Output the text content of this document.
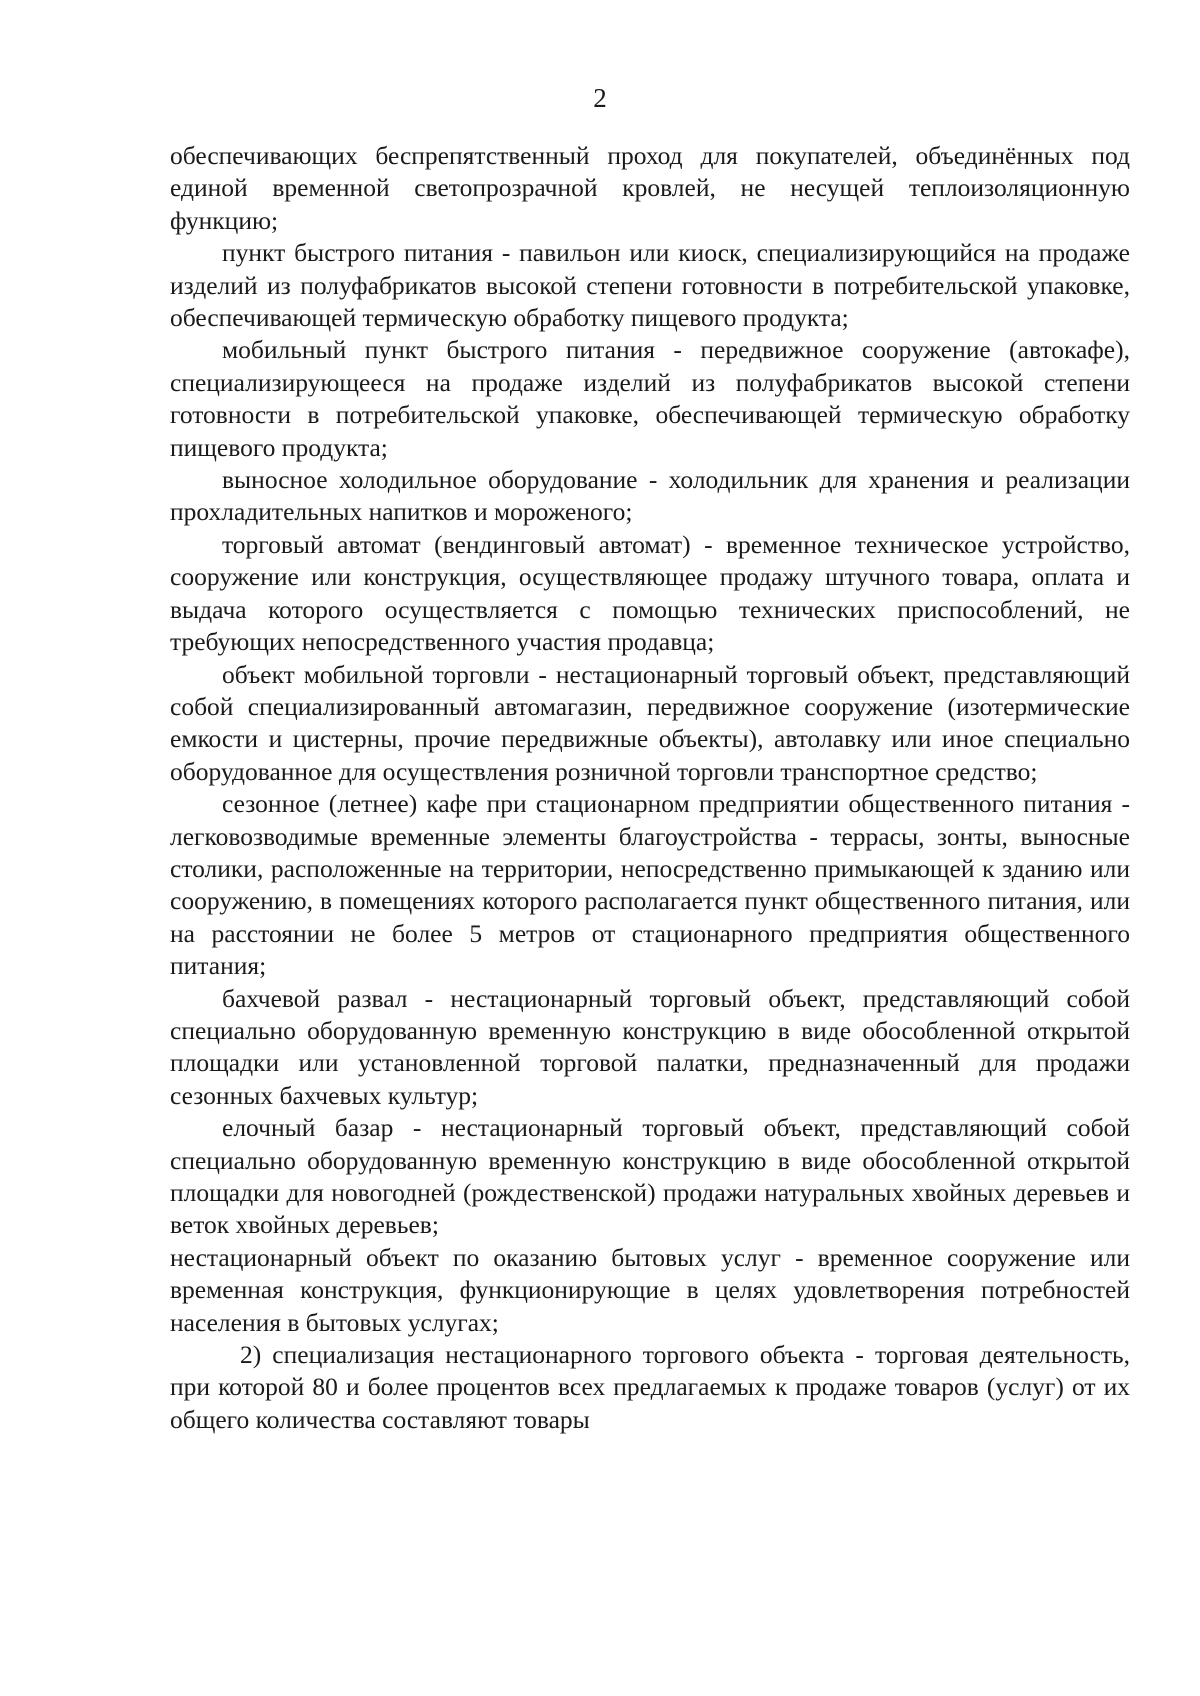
2

обеспечивающих беспрепятственный проход для покупателей, объединённых под единой временной светопрозрачной кровлей, не несущей теплоизоляционную функцию;

пункт быстрого питания - павильон или киоск, специализирующийся на продаже изделий из полуфабрикатов высокой степени готовности в потребительской упаковке, обеспечивающей термическую обработку пищевого продукта;

мобильный пункт быстрого питания - передвижное сооружение (автокафе), специализирующееся на продаже изделий из полуфабрикатов высокой степени готовности в потребительской упаковке, обеспечивающей термическую обработку пищевого продукта;

выносное холодильное оборудование - холодильник для хранения и реализации прохладительных напитков и мороженого;

торговый автомат (вендинговый автомат) - временное техническое устройство, сооружение или конструкция, осуществляющее продажу штучного товара, оплата и выдача которого осуществляется с помощью технических приспособлений, не требующих непосредственного участия продавца;

объект мобильной торговли - нестационарный торговый объект, представляющий собой специализированный автомагазин, передвижное сооружение (изотермические емкости и цистерны, прочие передвижные объекты), автолавку или иное специально оборудованное для осуществления розничной торговли транспортное средство;

сезонное (летнее) кафе при стационарном предприятии общественного питания - легковозводимые временные элементы благоустройства - террасы, зонты, выносные столики, расположенные на территории, непосредственно примыкающей к зданию или сооружению, в помещениях которого располагается пункт общественного питания, или на расстоянии не более 5 метров от стационарного предприятия общественного питания;

бахчевой развал - нестационарный торговый объект, представляющий собой специально оборудованную временную конструкцию в виде обособленной открытой площадки или установленной торговой палатки, предназначенный для продажи сезонных бахчевых культур;

елочный базар - нестационарный торговый объект, представляющий собой специально оборудованную временную конструкцию в виде обособленной открытой площадки для новогодней (рождественской) продажи натуральных хвойных деревьев и веток хвойных деревьев;

нестационарный объект по оказанию бытовых услуг - временное сооружение или временная конструкция, функционирующие в целях удовлетворения потребностей населения в бытовых услугах;

2) специализация нестационарного торгового объекта - торговая деятельность, при которой 80 и более процентов всех предлагаемых к продаже товаров (услуг) от их общего количества составляют товары
